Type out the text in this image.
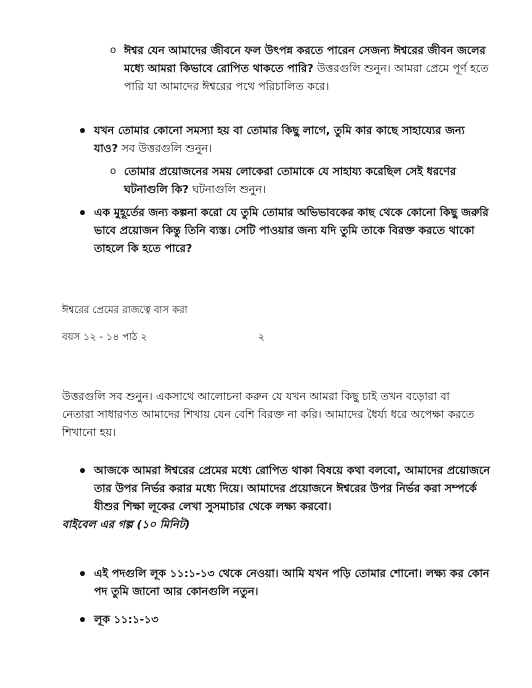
o ঈশ্বর যেন আমাদের জীবনে ফল উৎপন্ন করতে পারেন সেজন্য ঈশ্বরের জীবন জলের মধ্যে আমরা কিভাবে রোপিত থাকতে পারি? উত্তরগুলি শুনুন। আমরা প্রেমে পূর্ণ হতে পারি যা আমাদের ঈশ্বরের পথে পরিচালিত করে।

• যখন তোমার কোনো সমস্যা হয় বা তোমার কিছু লাগে, তুমি কার কাছে সাহায্যের জন্য যাও? সব উত্তরগুলি শুনুন।

o তোমার প্রয়োজনের সময় লোকেরা তোমাকে যে সাহায্য করেছিল সেই ধরণের ঘটনাগুলি কি? ঘটনাগুলি শুনুন।

• এক মুহূর্তের জন্য কল্পনা করো যে তুমি তোমার অভিভাবকের কাছ থেকে কোনো কিছু জরুরি ভাবে প্রয়োজন কিন্তু তিনি ব্যস্ত। সেটি পাওয়ার জন্য যদি তুমি তাকে বিরক্ত করতে থাকো তাহলে কি হতে পারে?

ঈশ্বরের প্রেমের রাজত্বে বাস করা
বয়স ১২ - ১৪ পাঠ ২	২

উত্তরগুলি সব শুনুন। একসাথে আলোচনা করুন যে যখন আমরা কিছু চাই তখন বড়োরা বা নেতারা সাধারণত আমাদের শিখায় যেন বেশি বিরক্ত না করি। আমাদের ধৈর্য্য ধরে অপেক্ষা করতে শিখানো হয়।

• আজকে আমরা ঈশ্বরের প্রেমের মধ্যে রোপিত থাকা বিষয়ে কথা বলবো, আমাদের প্রয়োজনে তার উপর নির্ভর করার মধ্যে দিয়ে। আমাদের প্রয়োজনে ঈশ্বরের উপর নির্ভর করা সম্পর্কে যীশুর শিক্ষা লূকের লেখা সুসমাচার থেকে লক্ষ্য করবো।

বাইবেল এর গল্প (১০ মিনিট)

• এই পদগুলি লূক ১১:১-১৩ থেকে নেওয়া। আমি যখন পড়ি তোমার শোনো। লক্ষ্য কর কোন পদ তুমি জানো আর কোনগুলি নতুন।

• লূক ১১:১-১৩
